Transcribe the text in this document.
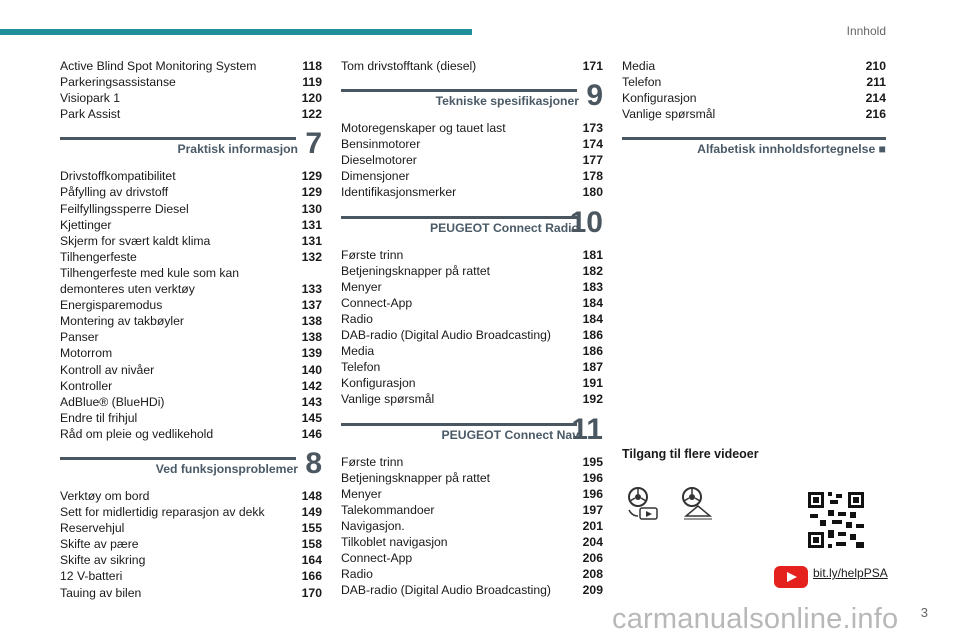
Innhold
Active Blind Spot Monitoring System	118
Parkeringsassistanse	119
Visiopark 1	120
Park Assist	122
Praktisk informasjon 7
Drivstoffkompatibilitet	129
Påfylling av drivstoff	129
Feilfyllingssperre Diesel	130
Kjettinger	131
Skjerm for svært kaldt klima	131
Tilhengerfeste	132
Tilhengerfeste med kule som kan
demonteres uten verktøy	133
Energisparemodus	137
Montering av takbøyler	138
Panser	138
Motorrom	139
Kontroll av nivåer	140
Kontroller	142
AdBlue® (BlueHDi)	143
Endre til frihjul	145
Råd om pleie og vedlikehold	146
Ved funksjonsproblemer 8
Verktøy om bord	148
Sett for midlertidig reparasjon av dekk	149
Reservehjul	155
Skifte av pære	158
Skifte av sikring	164
12 V-batteri	166
Tauing av bilen	170
Tom drivstofftank (diesel)	171
Tekniske spesifikasjoner 9
Motoregenskaper og tauet last	173
Bensinmotorer	174
Dieselmotorer	177
Dimensjoner	178
Identifikasjonsmerker	180
PEUGEOT Connect Radio
10
Første trinn	181
Betjeningsknapper på rattet	182
Menyer	183
Connect-App	184
Radio	184
DAB-radio (Digital Audio Broadcasting)	186
Media	186
Telefon	187
Konfigurasjon	191
Vanlige spørsmål	192
PEUGEOT Connect Nav
11
Første trinn	195
Betjeningsknapper på rattet	196
Menyer	196
Talekommandoer	197
Navigasjon.	201
Tilkoblet navigasjon	204
Connect-App	206
Radio	208
DAB-radio (Digital Audio Broadcasting)	209
Media	210
Telefon	211
Konfigurasjon	214
Vanlige spørsmål	216
Alfabetisk innholdsfortegnelse ■
Tilgang til flere videoer
bit.ly/helpPSA
carmanualsonline.info 3
